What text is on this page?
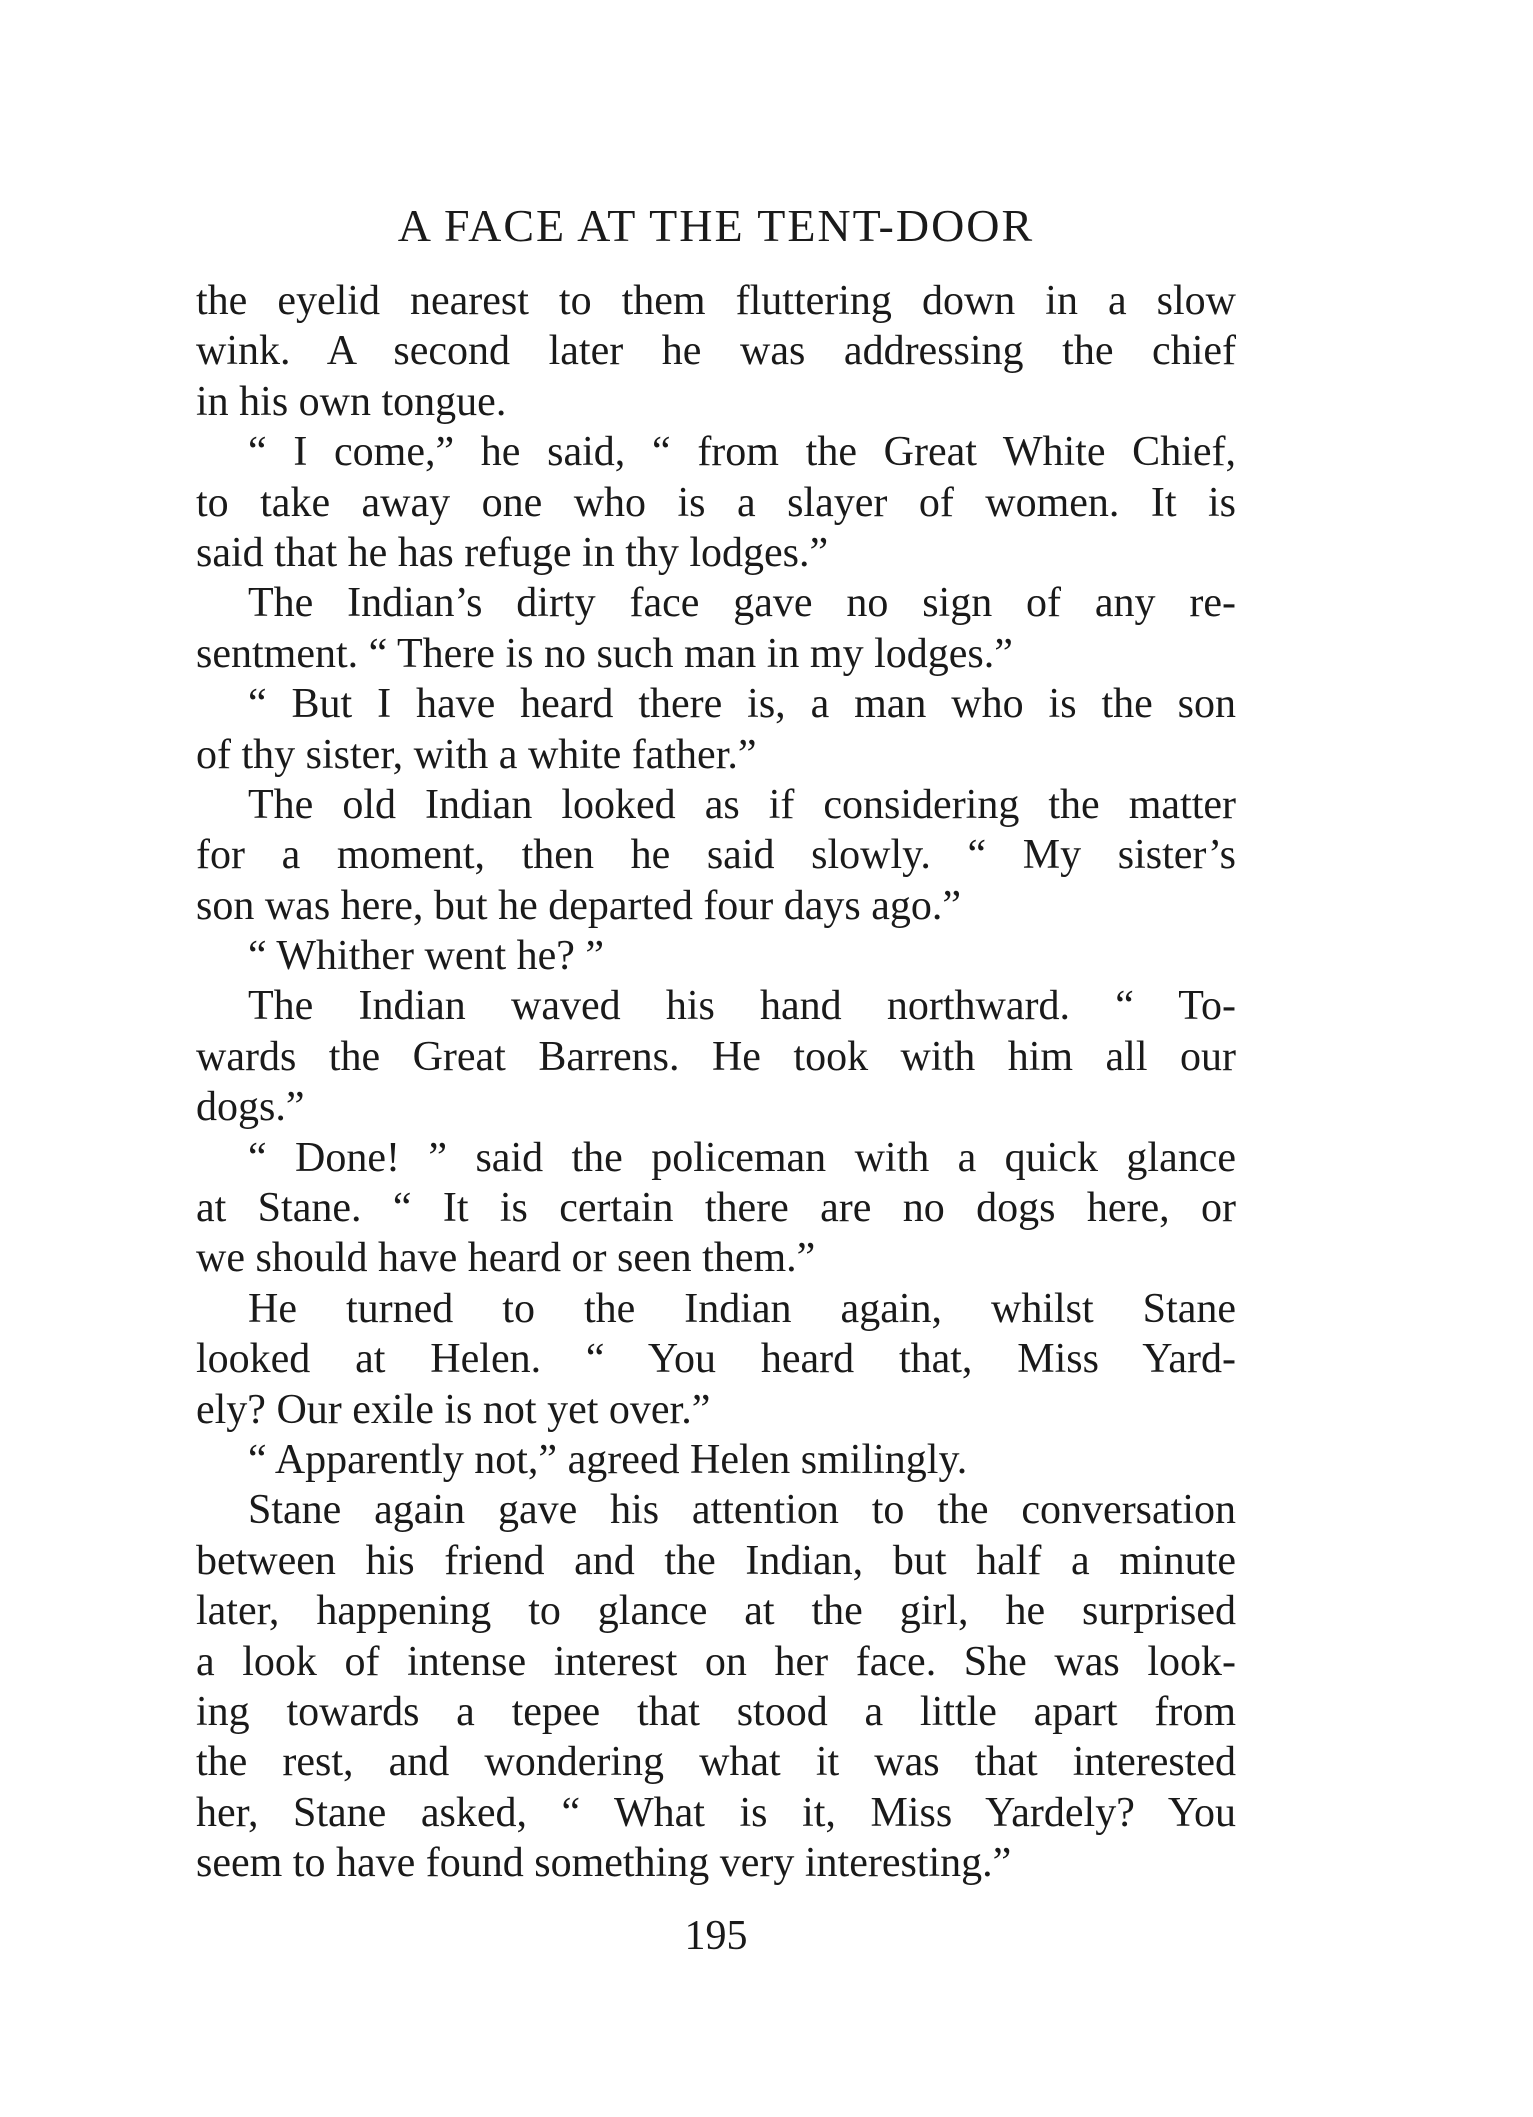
A FACE AT THE TENT-DOOR
the eyelid nearest to them fluttering down in a slow
wink. A second later he was addressing the chief
in his own tongue.
“ I come,” he said, “ from the Great White Chief,
to take away one who is a slayer of women. It is
said that he has refuge in thy lodges.”
The Indian’s dirty face gave no sign of any re-
sentment. “ There is no such man in my lodges.”
“ But I have heard there is, a man who is the son
of thy sister, with a white father.”
The old Indian looked as if considering the matter
for a moment, then he said slowly. “ My sister’s
son was here, but he departed four days ago.”
“ Whither went he? ”
The Indian waved his hand northward. “ To-
wards the Great Barrens. He took with him all our
dogs.”
“ Done! ” said the policeman with a quick glance
at Stane. “ It is certain there are no dogs here, or
we should have heard or seen them.”
He turned to the Indian again, whilst Stane
looked at Helen. “ You heard that, Miss Yard-
ely? Our exile is not yet over.”
“ Apparently not,” agreed Helen smilingly.
Stane again gave his attention to the conversation
between his friend and the Indian, but half a minute
later, happening to glance at the girl, he surprised
a look of intense interest on her face. She was look-
ing towards a tepee that stood a little apart from
the rest, and wondering what it was that interested
her, Stane asked, “ What is it, Miss Yardely? You
seem to have found something very interesting.”
195
